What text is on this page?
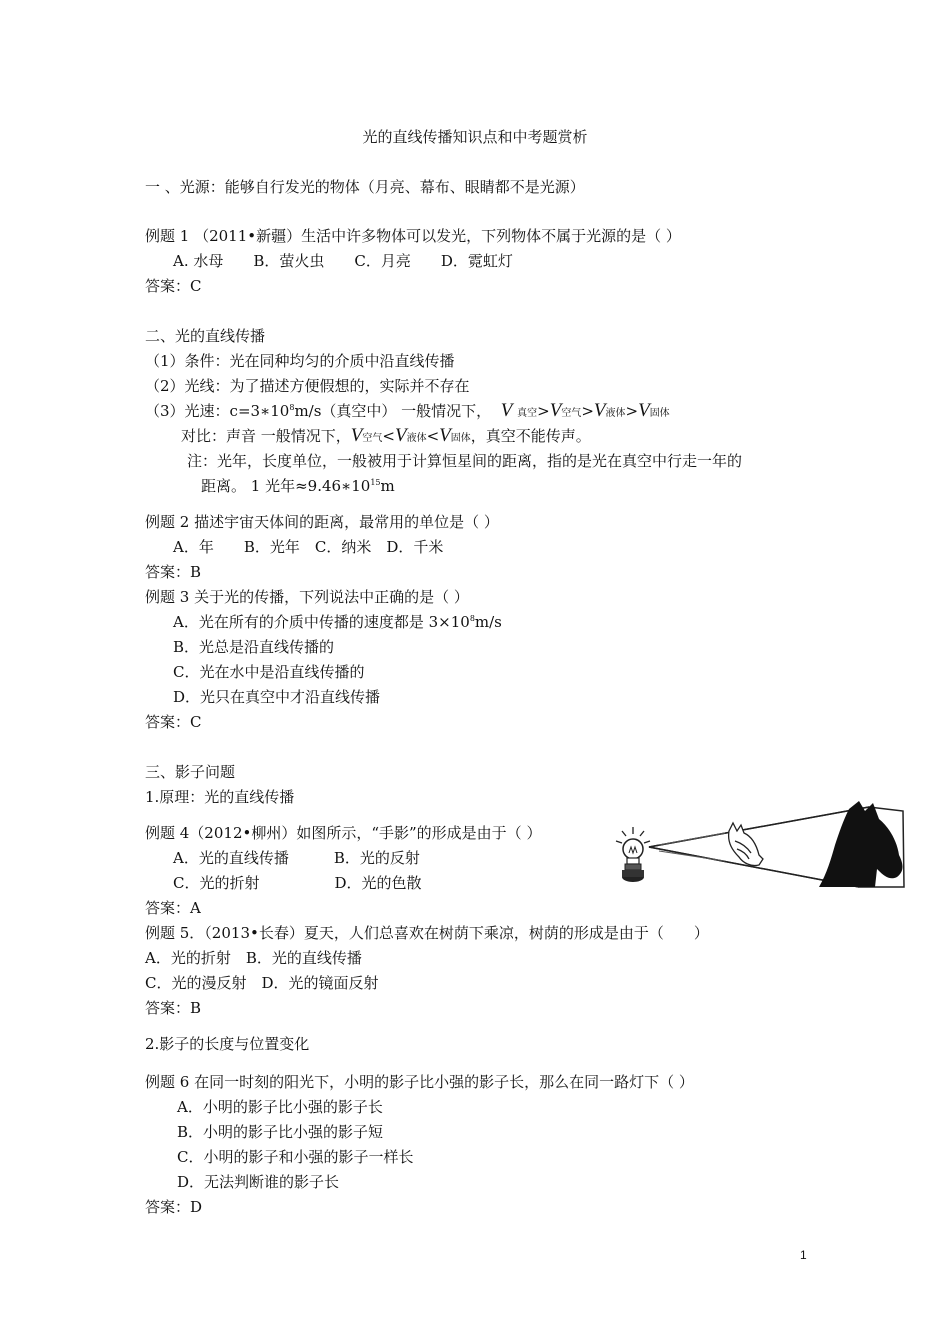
光的直线传播知识点和中考题赏析
一 、光源：能够自行发光的物体（月亮、幕布、眼睛都不是光源）
例题 1 （2011•新疆）生活中许多物体可以发光，下列物体不属于光源的是（ ）
A. 水母　　B．萤火虫　　C．月亮　　D．霓虹灯
答案：C
二、光的直线传播
（1）条件：光在同种均匀的介质中沿直线传播
（2）光线：为了描述方便假想的，实际并不存在
（3）光速：$c=3∗10^8m/s$（真空中） 一般情况下， V 真空>V空气>V液体>V固体
对比：声音 一般情况下，V空气<V液体<V固体，真空不能传声。
注：光年，长度单位，一般被用于计算恒星间的距离，指的是光在真空中行走一年的
距离。 1 光年$\approx 9.46∗10^{15}m$
例题 2 描述宇宙天体间的距离，最常用的单位是（ ）
A．年　　B．光年　C．纳米　D．千米
答案：B
例题 3 关于光的传播，下列说法中正确的是（ ）
A．光在所有的介质中传播的速度都是 $3\times 10^8m/s$
B．光总是沿直线传播的
C．光在水中是沿直线传播的
D．光只在真空中才沿直线传播
答案：C
三、影子问题
1.原理：光的直线传播
例题 4（2012•柳州）如图所示，“手影”的形成是由于（ ）
A．光的直线传播　　　B．光的反射
C．光的折射　　　　　D．光的色散
答案：A
例题 5．（2013•长春）夏天，人们总喜欢在树荫下乘凉，树荫的形成是由于（　　）
A．光的折射　B．光的直线传播
C．光的漫反射　D．光的镜面反射
答案：B
2.影子的长度与位置变化
例题 6 在同一时刻的阳光下，小明的影子比小强的影子长，那么在同一路灯下（ ）
A．小明的影子比小强的影子长
B．小明的影子比小强的影子短
C．小明的影子和小强的影子一样长
D．无法判断谁的影子长
答案：D
1
